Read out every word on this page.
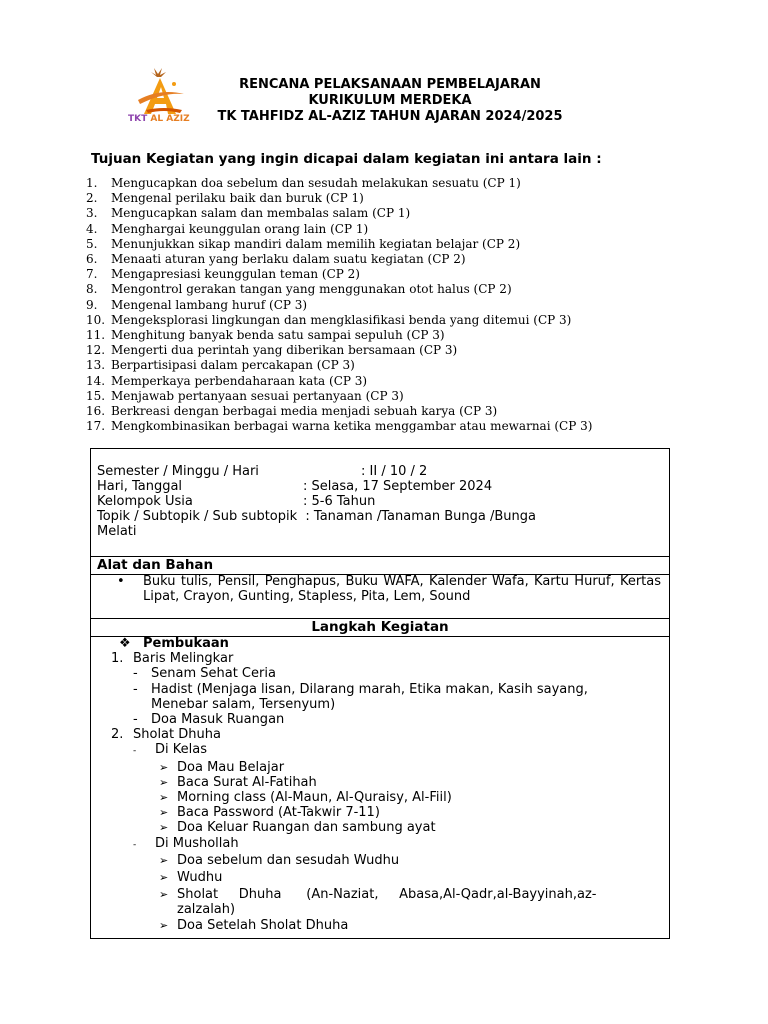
TKT AL AZIZ
RENCANA PELAKSANAAN PEMBELAJARAN
KURIKULUM MERDEKA
TK TAHFIDZ AL-AZIZ TAHUN AJARAN 2024/2025
Tujuan Kegiatan yang ingin dicapai dalam kegiatan ini antara lain :
1.	Mengucapkan doa sebelum dan sesudah melakukan sesuatu (CP 1)
2.	Mengenal perilaku baik dan buruk (CP 1)
3.	Mengucapkan salam dan membalas salam (CP 1)
4.	Menghargai keunggulan orang lain (CP 1)
5.	Menunjukkan sikap mandiri dalam memilih kegiatan belajar (CP 2)
6.	Menaati aturan yang berlaku dalam suatu kegiatan (CP 2)
7.	Mengapresiasi keunggulan teman (CP 2)
8.	Mengontrol gerakan tangan yang menggunakan otot halus (CP 2)
9.	Mengenal lambang huruf (CP 3)
10. Mengeksplorasi lingkungan dan mengklasifikasi benda yang ditemui (CP 3)
11. Menghitung banyak benda satu sampai sepuluh (CP 3)
12. Mengerti dua perintah yang diberikan bersamaan (CP 3)
13. Berpartisipasi dalam percakapan (CP 3)
14. Memperkaya perbendaharaan kata (CP 3)
15. Menjawab pertanyaan sesuai pertanyaan (CP 3)
16. Berkreasi dengan berbagai media menjadi sebuah karya (CP 3)
17. Mengkombinasikan berbagai warna ketika menggambar atau mewarnai (CP 3)
Semester / Minggu / Hari	: II / 10 / 2
Hari, Tanggal	: Selasa, 17 September 2024
Kelompok Usia	: 5-6 Tahun
Topik / Subtopik / Sub subtopik  : Tanaman /Tanaman Bunga /Bunga
Melati
Alat dan Bahan
•	Buku tulis, Pensil, Penghapus, Buku WAFA, Kalender Wafa, Kartu Huruf, Kertas Lipat, Crayon, Gunting, Stapless, Pita, Lem, Sound
Langkah Kegiatan
❖ Pembukaan
1. Baris Melingkar
- Senam Sehat Ceria
- Hadist (Menjaga lisan, Dilarang marah, Etika makan, Kasih sayang,
Menebar salam, Tersenyum)
- Doa Masuk Ruangan
2. Sholat Dhuha
- Di Kelas
➢ Doa Mau Belajar
➢ Baca Surat Al-Fatihah
➢ Morning class (Al-Maun, Al-Quraisy, Al-Fiil)
➢ Baca Password (At-Takwir 7-11)
➢ Doa Keluar Ruangan dan sambung ayat
- Di Mushollah
➢ Doa sebelum dan sesudah Wudhu
➢ Wudhu
➢ Sholat     Dhuha      (An-Naziat,     Abasa,Al-Qadr,al-Bayyinah,az-
zalzalah)
➢ Doa Setelah Sholat Dhuha
